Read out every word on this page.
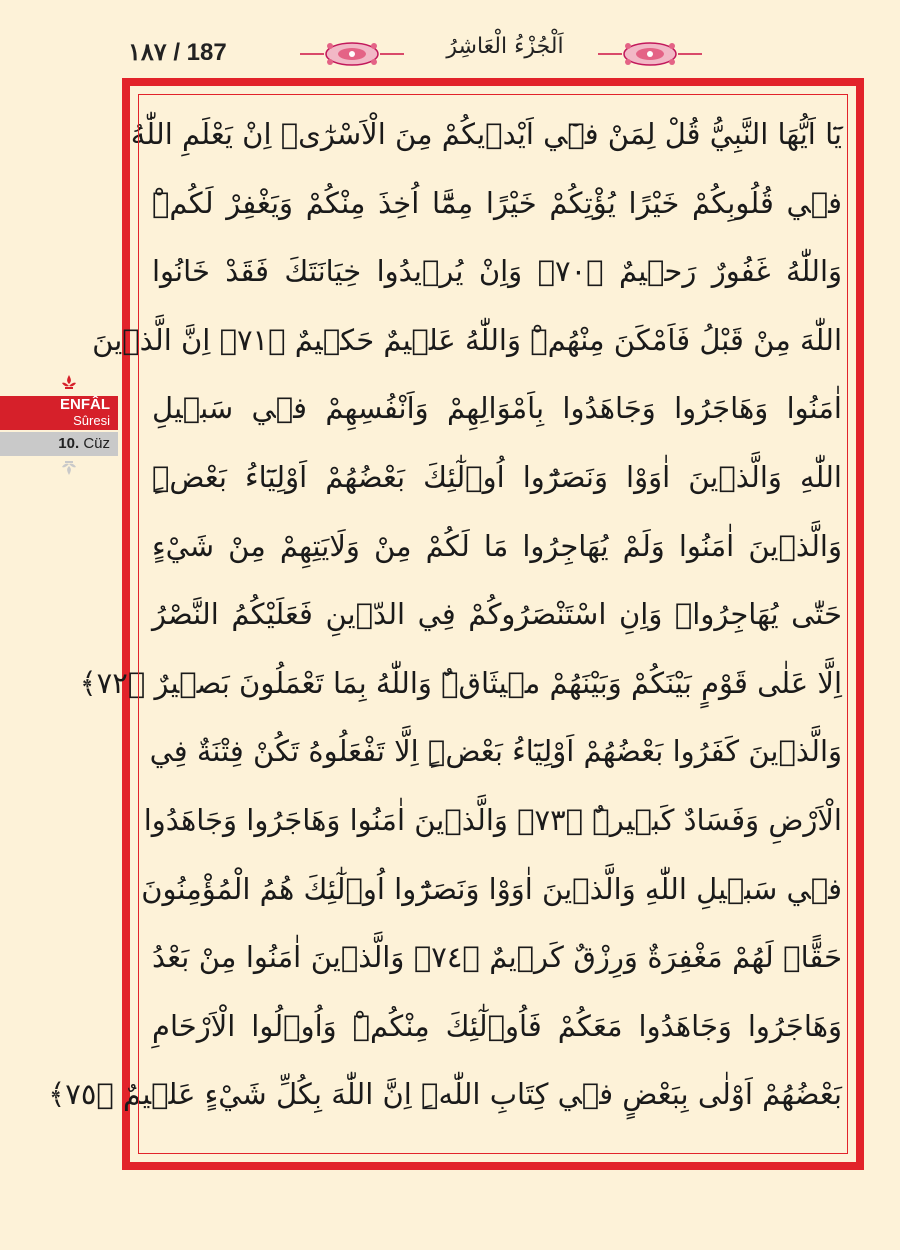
١٨٧ / 187	اَلْجُزْءُ الْعَاشِرُ
ENFÂL
Sûresi
10. Cüz
يَٓا اَيُّهَا النَّبِيُّ قُلْ لِمَنْ ف۪ٓي اَيْد۪يكُمْ مِنَ الْاَسْرٰٓىۙ اِنْ يَعْلَمِ اللّٰهُ
ف۪ي قُلُوبِكُمْ خَيْرًا يُؤْتِكُمْ خَيْرًا مِمَّٓا اُخِذَ مِنْكُمْ وَيَغْفِرْ لَكُمْۜ
وَاللّٰهُ غَفُورٌ رَح۪يمٌ ﴿٧٠﴾ وَاِنْ يُر۪يدُوا خِيَانَتَكَ فَقَدْ خَانُوا
اللّٰهَ مِنْ قَبْلُ فَاَمْكَنَ مِنْهُمْۜ وَاللّٰهُ عَل۪يمٌ حَك۪يمٌ ﴿٧١﴾ اِنَّ الَّذ۪ينَ
اٰمَنُوا وَهَاجَرُوا وَجَاهَدُوا بِاَمْوَالِهِمْ وَاَنْفُسِهِمْ ف۪ي سَب۪يلِ
اللّٰهِ وَالَّذ۪ينَ اٰوَوْا وَنَصَرُٓوا اُو۬لٰٓئِكَ بَعْضُهُمْ اَوْلِيَٓاءُ بَعْضٍۜ
وَالَّذ۪ينَ اٰمَنُوا وَلَمْ يُهَاجِرُوا مَا لَكُمْ مِنْ وَلَايَتِهِمْ مِنْ شَيْءٍ
حَتّٰى يُهَاجِرُواۚ وَاِنِ اسْتَنْصَرُوكُمْ فِي الدّ۪ينِ فَعَلَيْكُمُ النَّصْرُ
اِلَّا عَلٰى قَوْمٍ بَيْنَكُمْ وَبَيْنَهُمْ م۪يثَاقٌۜ وَاللّٰهُ بِمَا تَعْمَلُونَ بَص۪يرٌ ﴿٧٢﴾
وَالَّذ۪ينَ كَفَرُوا بَعْضُهُمْ اَوْلِيَٓاءُ بَعْضٍۜ اِلَّا تَفْعَلُوهُ تَكُنْ فِتْنَةٌ فِي
الْاَرْضِ وَفَسَادٌ كَب۪يرٌۜ ﴿٧٣﴾ وَالَّذ۪ينَ اٰمَنُوا وَهَاجَرُوا وَجَاهَدُوا
ف۪ي سَب۪يلِ اللّٰهِ وَالَّذ۪ينَ اٰوَوْا وَنَصَرُٓوا اُو۬لٰٓئِكَ هُمُ الْمُؤْمِنُونَ
حَقًّاۜ لَهُمْ مَغْفِرَةٌ وَرِزْقٌ كَر۪يمٌ ﴿٧٤﴾ وَالَّذ۪ينَ اٰمَنُوا مِنْ بَعْدُ
وَهَاجَرُوا وَجَاهَدُوا مَعَكُمْ فَاُو۬لٰٓئِكَ مِنْكُمْۜ وَاُو۬لُوا الْاَرْحَامِ
بَعْضُهُمْ اَوْلٰى بِبَعْضٍ ف۪ي كِتَابِ اللّٰهِۜ اِنَّ اللّٰهَ بِكُلِّ شَيْءٍ عَل۪يمٌ ﴿٧٥﴾
